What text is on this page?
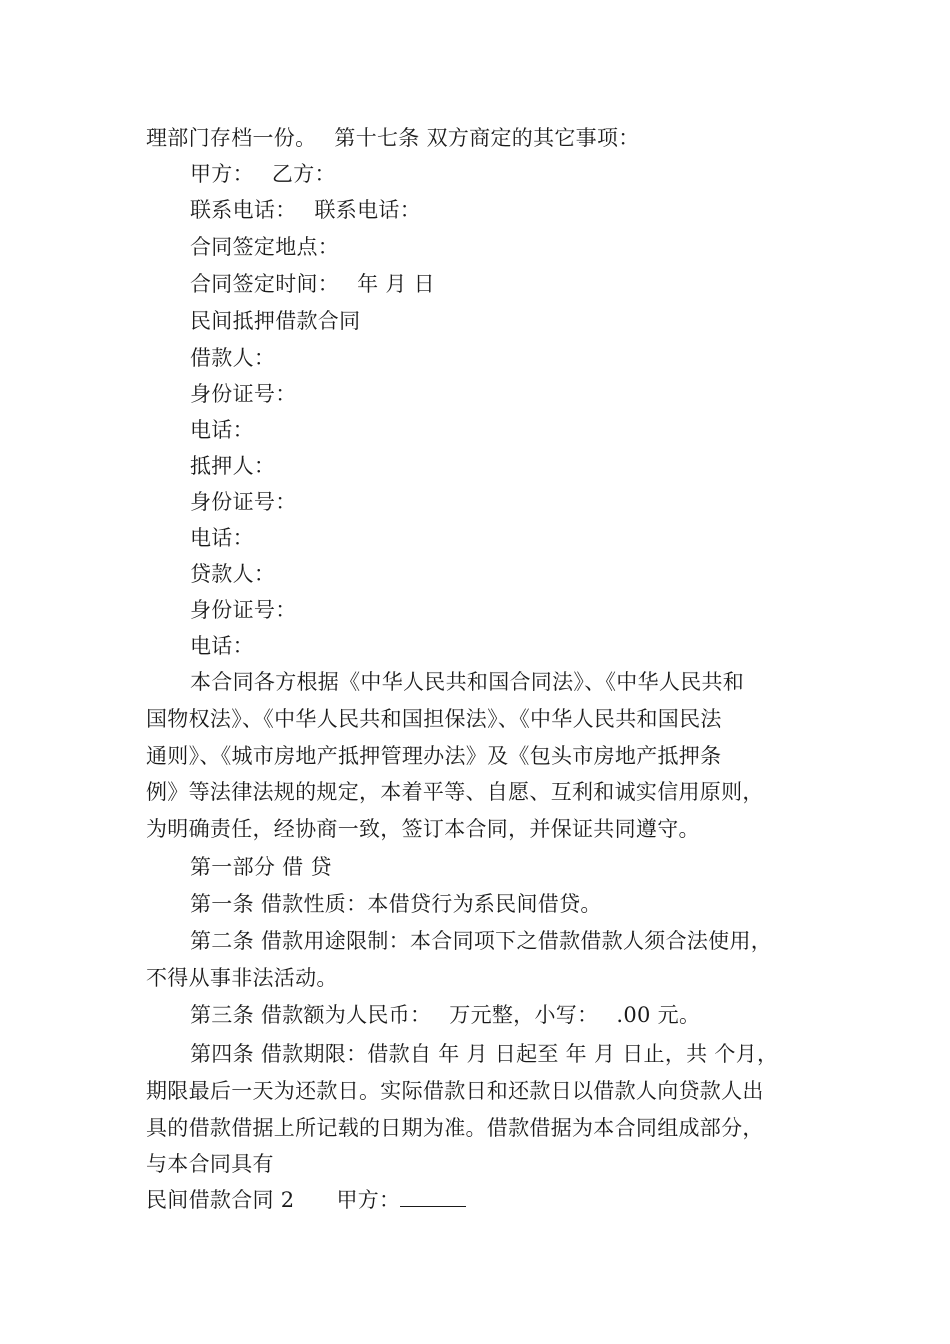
理部门存档一份。 第十七条 双方商定的其它事项：
甲方： 乙方：
联系电话： 联系电话：
合同签定地点：
合同签定时间： 年 月 日
民间抵押借款合同
借款人：
身份证号：
电话：
抵押人：
身份证号：
电话：
贷款人：
身份证号：
电话：
本合同各方根据《中华人民共和国合同法》、《中华人民共和
国物权法》、《中华人民共和国担保法》、《中华人民共和国民法
通则》、《城市房地产抵押管理办法》及《包头市房地产抵押条
例》等法律法规的规定，本着平等、自愿、互利和诚实信用原则，
为明确责任，经协商一致，签订本合同，并保证共同遵守。
第一部分 借 贷
第一条 借款性质：本借贷行为系民间借贷。
第二条 借款用途限制：本合同项下之借款借款人须合法使用，
不得从事非法活动。
第三条 借款额为人民币： 万元整，小写： .00 元。
第四条 借款期限：借款自 年 月 日起至 年 月 日止，共 个月，
期限最后一天为还款日。实际借款日和还款日以借款人向贷款人出
具的借款借据上所记载的日期为准。借款借据为本合同组成部分，
与本合同具有
民间借款合同 2 甲方：
